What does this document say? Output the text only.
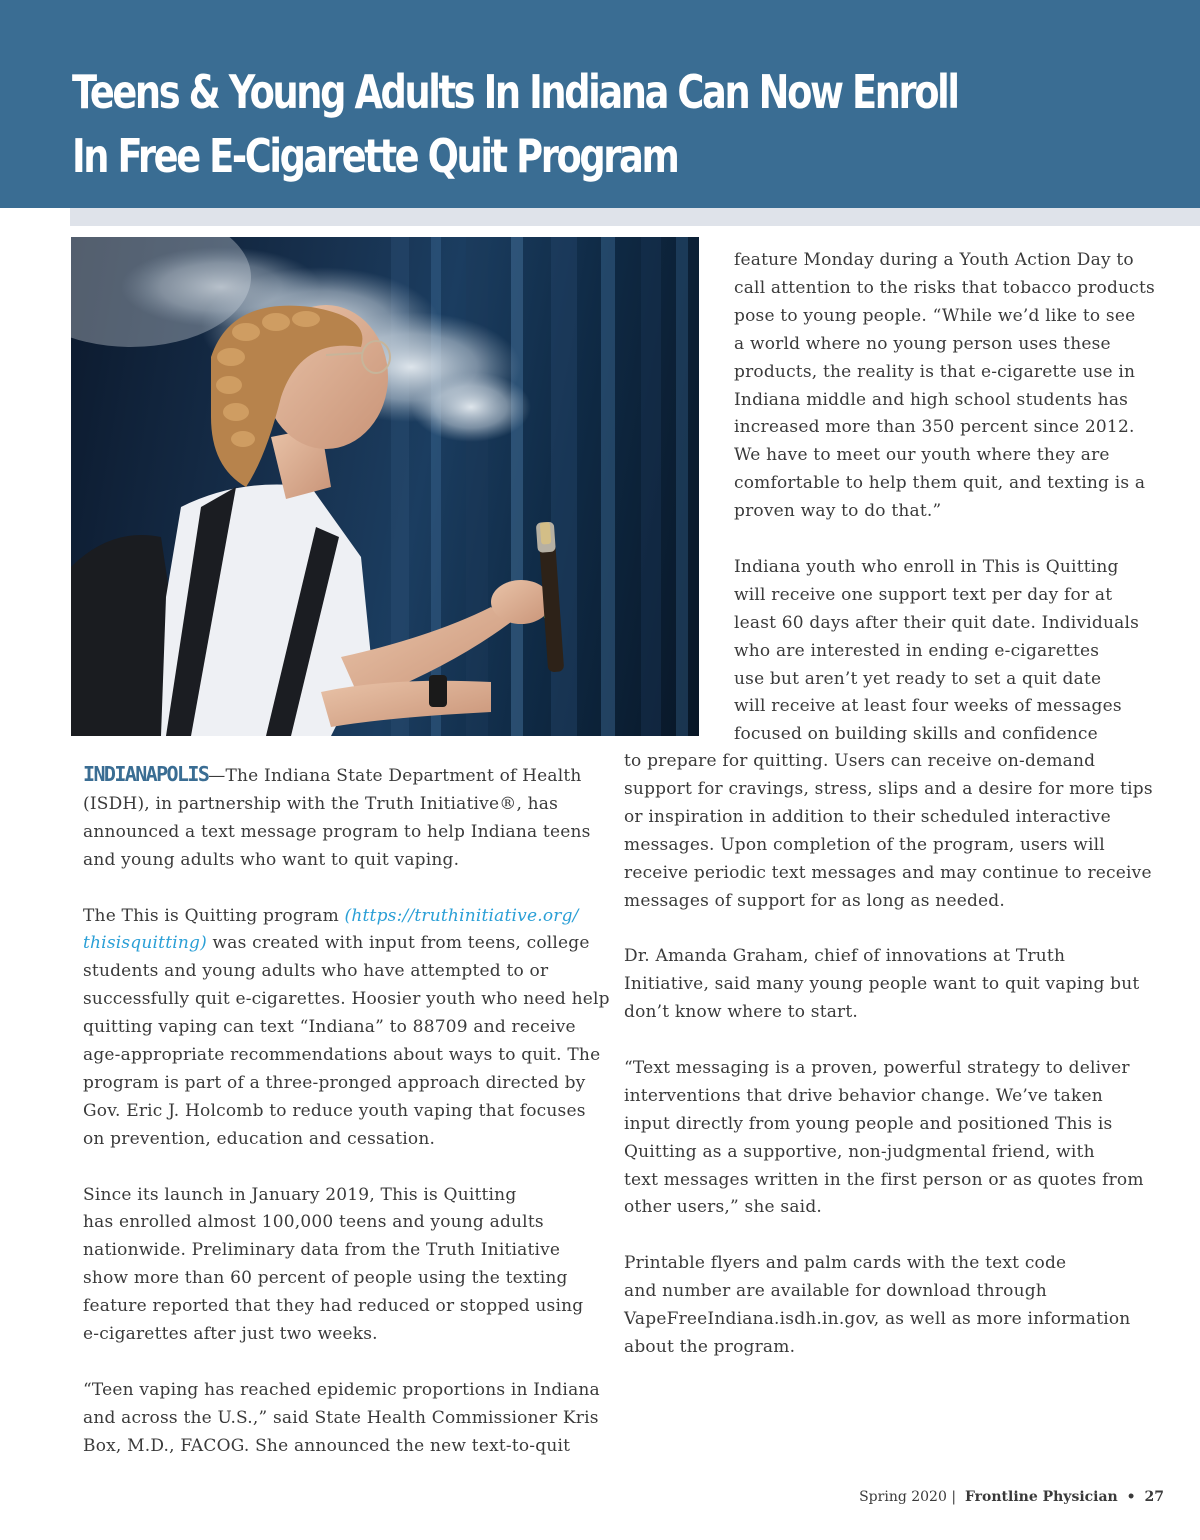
Teens & Young Adults In Indiana Can Now Enroll
In Free E-Cigarette Quit Program

INDIANAPOLIS—The Indiana State Department of Health
(ISDH), in partnership with the Truth Initiative®, has
announced a text message program to help Indiana teens
and young adults who want to quit vaping.

The This is Quitting program (https://truthinitiative.org/
thisisquitting) was created with input from teens, college
students and young adults who have attempted to or
successfully quit e-cigarettes. Hoosier youth who need help
quitting vaping can text “Indiana” to 88709 and receive
age-appropriate recommendations about ways to quit. The
program is part of a three-pronged approach directed by
Gov. Eric J. Holcomb to reduce youth vaping that focuses
on prevention, education and cessation.

Since its launch in January 2019, This is Quitting
has enrolled almost 100,000 teens and young adults
nationwide. Preliminary data from the Truth Initiative
show more than 60 percent of people using the texting
feature reported that they had reduced or stopped using
e-cigarettes after just two weeks.

“Teen vaping has reached epidemic proportions in Indiana
and across the U.S.,” said State Health Commissioner Kris
Box, M.D., FACOG. She announced the new text-to-quit

feature Monday during a Youth Action Day to
call attention to the risks that tobacco products
pose to young people. “While we’d like to see
a world where no young person uses these
products, the reality is that e-cigarette use in
Indiana middle and high school students has
increased more than 350 percent since 2012.
We have to meet our youth where they are
comfortable to help them quit, and texting is a
proven way to do that.”

Indiana youth who enroll in This is Quitting
will receive one support text per day for at
least 60 days after their quit date. Individuals
who are interested in ending e-cigarettes
use but aren’t yet ready to set a quit date
will receive at least four weeks of messages
focused on building skills and confidence

to prepare for quitting. Users can receive on-demand
support for cravings, stress, slips and a desire for more tips
or inspiration in addition to their scheduled interactive
messages. Upon completion of the program, users will
receive periodic text messages and may continue to receive
messages of support for as long as needed.

Dr. Amanda Graham, chief of innovations at Truth
Initiative, said many young people want to quit vaping but
don’t know where to start.

“Text messaging is a proven, powerful strategy to deliver
interventions that drive behavior change. We’ve taken
input directly from young people and positioned This is
Quitting as a supportive, non-judgmental friend, with
text messages written in the first person or as quotes from
other users,” she said.

Printable flyers and palm cards with the text code
and number are available for download through
VapeFreeIndiana.isdh.in.gov, as well as more information
about the program.

Spring 2020 | Frontline Physician • 27
